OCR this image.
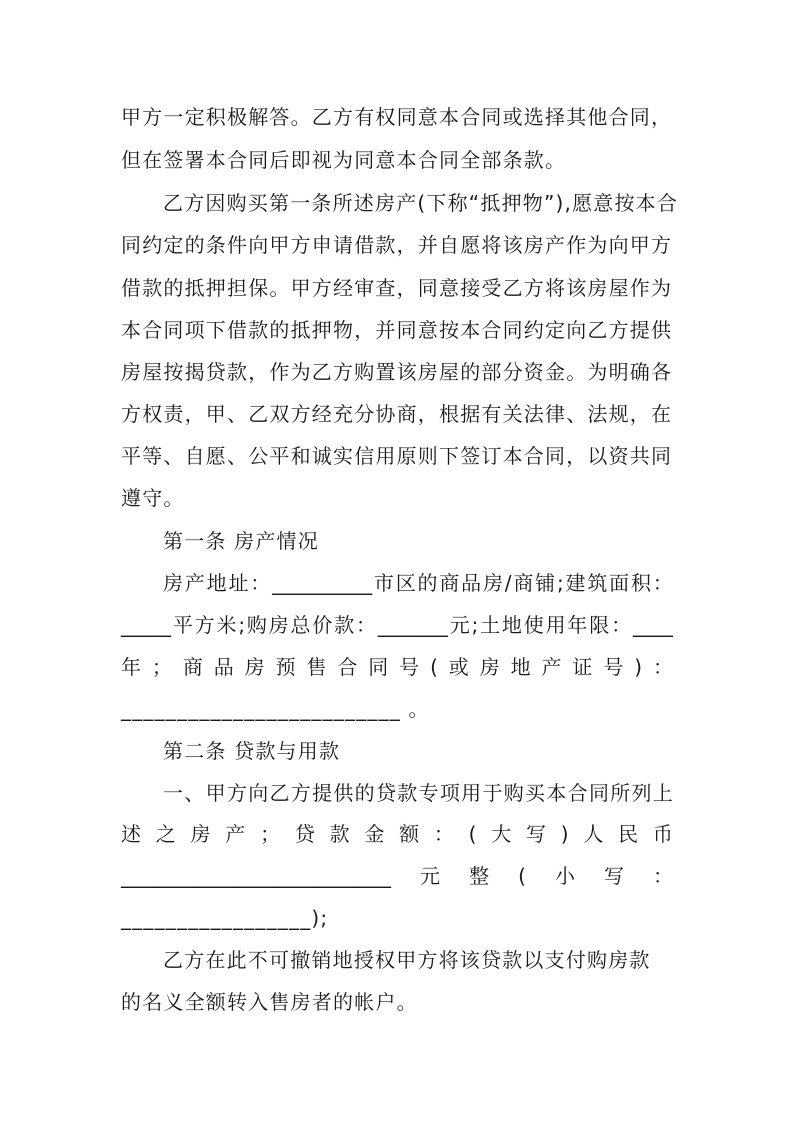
甲方一定积极解答。乙方有权同意本合同或选择其他合同，
但在签署本合同后即视为同意本合同全部条款。
乙方因购买第一条所述房产(下称“抵押物”),愿意按本合
同约定的条件向甲方申请借款，并自愿将该房产作为向甲方
借款的抵押担保。甲方经审查，同意接受乙方将该房屋作为
本合同项下借款的抵押物，并同意按本合同约定向乙方提供
房屋按揭贷款，作为乙方购置该房屋的部分资金。为明确各
方权责，甲、乙双方经充分协商，根据有关法律、法规，在
平等、自愿、公平和诚实信用原则下签订本合同，以资共同
遵守。
第一条 房产情况
房 产 地 址 ： __________ 市 区 的 商 品 房 / 商 铺 ; 建 筑 面 积 ：
_____ 平 方 米 ; 购 房 总 价 款 ： _______ 元 ; 土 地 使 用 年 限 ： ____
年 ； 商 品 房 预 售 合 同 号 ( 或 房 地 产 证 号 ) ：
_________________________ 。
第二条 贷款与用款
一 、 甲 方 向 乙 方 提 供 的 贷 款 专 项 用 于 购 买 本 合 同 所 列 上
述 之 房 产 ； 贷 款 金 额 ： ( 大 写 ) 人 民 币
___________________________ 元 整 ( 小 写 ：
_________________);
乙方在此不可撤销地授权甲方将该贷款以支付购房款
的名义全额转入售房者的帐户。
